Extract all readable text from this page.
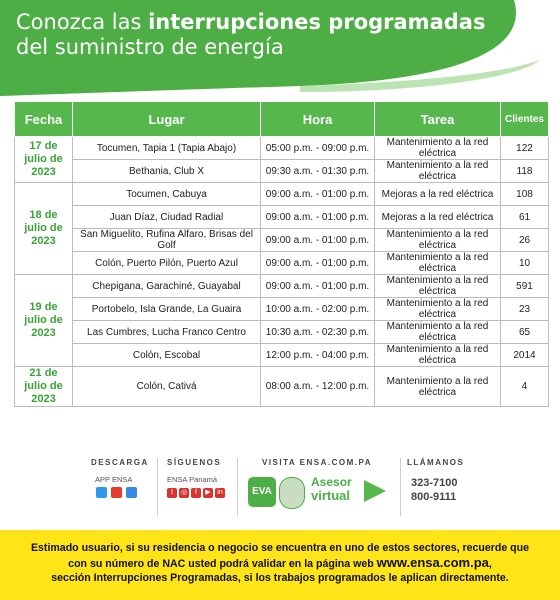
Conozca las interrupciones programadas del suministro de energía
Fecha	Lugar	Hora	Tarea	Clientes
17 de julio de 2023	Tocumen, Tapia 1 (Tapia Abajo)	05:00 p.m. - 09:00 p.m.	Mantenimiento a la red eléctrica	122
	Bethania, Club X	09:30 a.m. - 01:30 p.m.	Mantenimiento a la red eléctrica	118
18 de julio de 2023	Tocumen, Cabuya	09:00 a.m. - 01:00 p.m.	Mejoras a la red eléctrica	108
	Juan Díaz, Ciudad Radial	09:00 a.m. - 01:00 p.m.	Mejoras a la red eléctrica	61
	San Miguelito, Rufina Alfaro, Brisas del Golf	09:00 a.m. - 01:00 p.m.	Mantenimiento a la red eléctrica	26
	Colón, Puerto Pilón, Puerto Azul	09:00 a.m. - 01:00 p.m.	Mantenimiento a la red eléctrica	10
19 de julio de 2023	Chepigana, Garachiné, Guayabal	09:00 a.m. - 01:00 p.m.	Mantenimiento a la red eléctrica	591
	Portobelo, Isla Grande, La Guaira	10:00 a.m. - 02:00 p.m.	Mantenimiento a la red eléctrica	23
	Las Cumbres, Lucha Franco Centro	10:30 a.m. - 02:30 p.m.	Mantenimiento a la red eléctrica	65
	Colón, Escobal	12:00 p.m. - 04:00 p.m.	Mantenimiento a la red eléctrica	2014
21 de julio de 2023	Colón, Cativá	08:00 a.m. - 12:00 p.m.	Mantenimiento a la red eléctrica	4
DESCARGA
APP ENSA
SÍGUENOS
ENSA Panamá
t	◎	f	▶ in
VISITA ENSA.COM.PA
EVA
Asesor
virtual
LLÁMANOS
323-7100
800-9111
Estimado usuario, si su residencia o negocio se encuentra en uno de estos sectores, recuerde que
con su número de NAC usted podrá validar en la página web www.ensa.com.pa,
sección Interrupciones Programadas, si los trabajos programados le aplican directamente.
